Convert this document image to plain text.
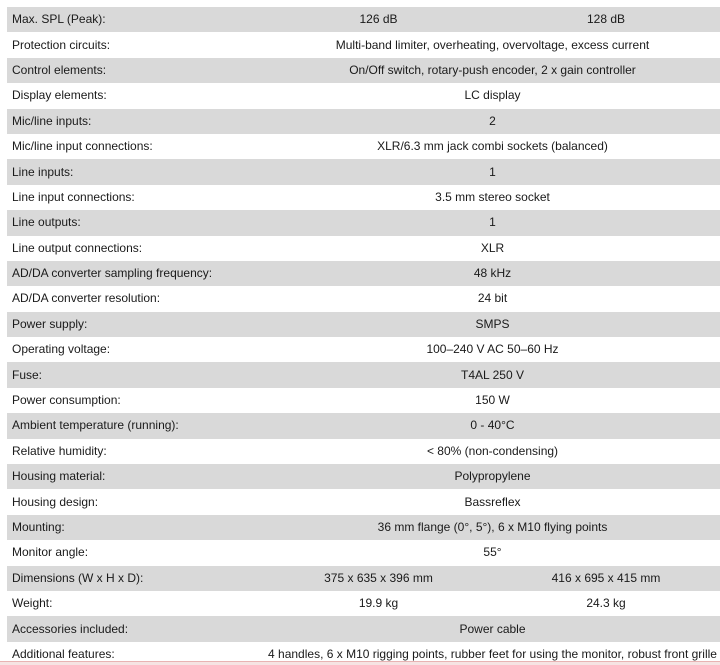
Max. SPL (Peak):	126 dB	128 dB
Protection circuits:	Multi-band limiter, overheating, overvoltage, excess current	
Control elements:	On/Off switch, rotary-push encoder, 2 x gain controller	
Display elements:	LC display	
Mic/line inputs:	2	
Mic/line input connections:	XLR/6.3 mm jack combi sockets (balanced)	
Line inputs:	1	
Line input connections:	3.5 mm stereo socket	
Line outputs:	1	
Line output connections:	XLR	
AD/DA converter sampling frequency:	48 kHz	
AD/DA converter resolution:	24 bit	
Power supply:	SMPS	
Operating voltage:	100–240 V AC 50–60 Hz	
Fuse:	T4AL 250 V	
Power consumption:	150 W	
Ambient temperature (running):	0 - 40°C	
Relative humidity:	< 80% (non-condensing)	
Housing material:	Polypropylene	
Housing design:	Bassreflex	
Mounting:	36 mm flange (0°, 5°), 6 x M10 flying points	
Monitor angle:	55°	
Dimensions (W x H x D):	375 x 635 x 396 mm	416 x 695 x 415 mm
Weight:	19.9 kg	24.3 kg
Accessories included:	Power cable	
Additional features:	4 handles, 6 x M10 rigging points, rubber feet for using the monitor, robust front grille	
